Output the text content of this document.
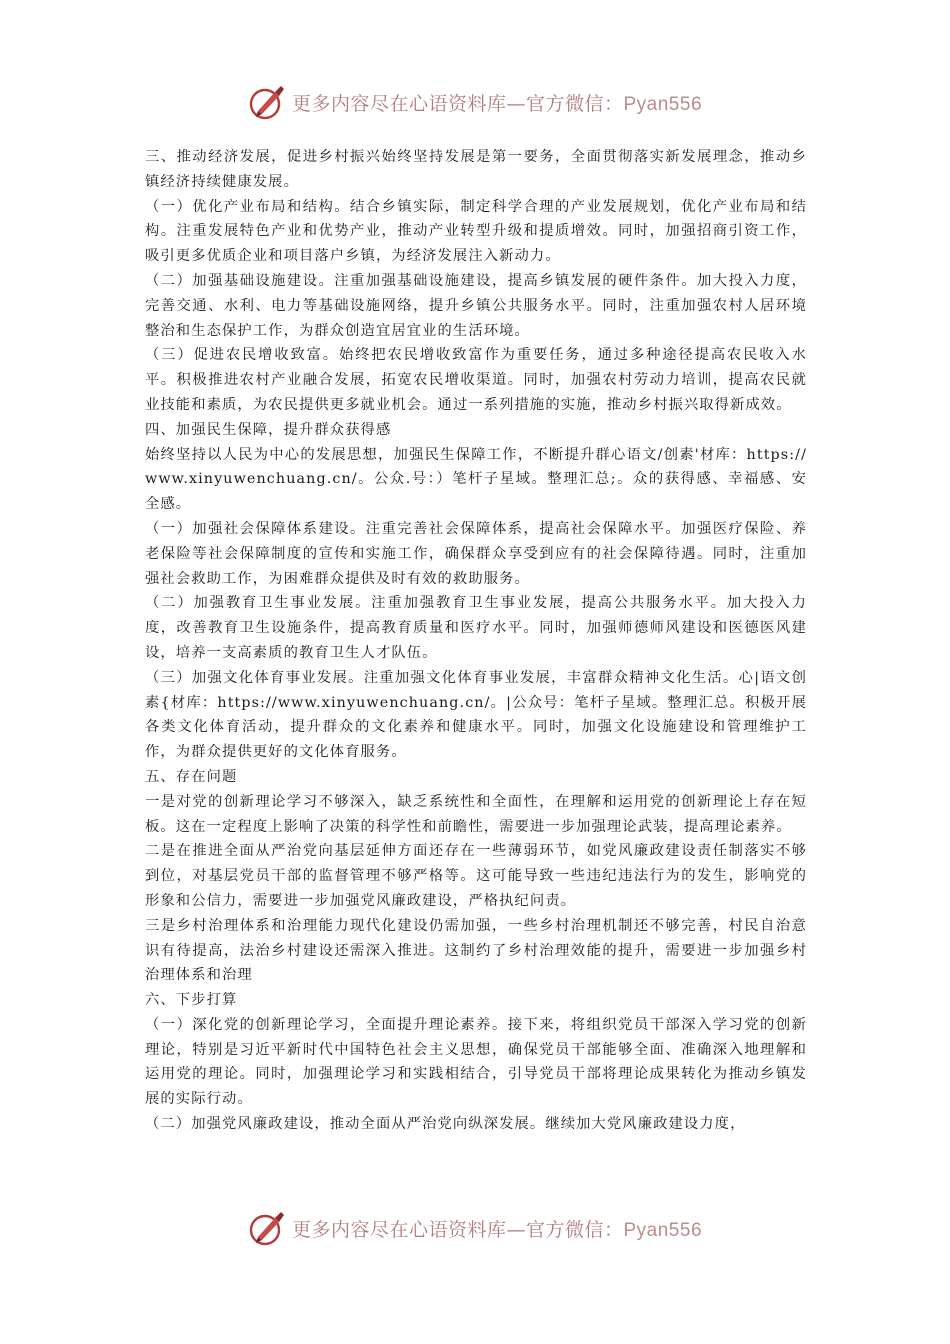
更多内容尽在心语资料库—官方微信：Pyan556

三、推动经济发展，促进乡村振兴始终坚持发展是第一要务，全面贯彻落实新发展理念，推动乡镇经济持续健康发展。

（一）优化产业布局和结构。结合乡镇实际，制定科学合理的产业发展规划，优化产业布局和结构。注重发展特色产业和优势产业，推动产业转型升级和提质增效。同时，加强招商引资工作，吸引更多优质企业和项目落户乡镇，为经济发展注入新动力。

（二）加强基础设施建设。注重加强基础设施建设，提高乡镇发展的硬件条件。加大投入力度，完善交通、水利、电力等基础设施网络，提升乡镇公共服务水平。同时，注重加强农村人居环境整治和生态保护工作，为群众创造宜居宜业的生活环境。

（三）促进农民增收致富。始终把农民增收致富作为重要任务，通过多种途径提高农民收入水平。积极推进农村产业融合发展，拓宽农民增收渠道。同时，加强农村劳动力培训，提高农民就业技能和素质，为农民提供更多就业机会。通过一系列措施的实施，推动乡村振兴取得新成效。

四、加强民生保障，提升群众获得感

始终坚持以人民为中心的发展思想，加强民生保障工作，不断提升群心语文/创素'材库：https://www.xinyuwenchuang.cn/。公众.号：）笔杆子星域。整理汇总;。众的获得感、幸福感、安全感。

（一）加强社会保障体系建设。注重完善社会保障体系，提高社会保障水平。加强医疗保险、养老保险等社会保障制度的宣传和实施工作，确保群众享受到应有的社会保障待遇。同时，注重加强社会救助工作，为困难群众提供及时有效的救助服务。

（二）加强教育卫生事业发展。注重加强教育卫生事业发展，提高公共服务水平。加大投入力度，改善教育卫生设施条件，提高教育质量和医疗水平。同时，加强师德师风建设和医德医风建设，培养一支高素质的教育卫生人才队伍。

（三）加强文化体育事业发展。注重加强文化体育事业发展，丰富群众精神文化生活。心|语文创素{材库：https://www.xinyuwenchuang.cn/。|公众号：笔杆子星域。整理汇总。积极开展各类文化体育活动，提升群众的文化素养和健康水平。同时，加强文化设施建设和管理维护工作，为群众提供更好的文化体育服务。

五、存在问题

一是对党的创新理论学习不够深入，缺乏系统性和全面性，在理解和运用党的创新理论上存在短板。这在一定程度上影响了决策的科学性和前瞻性，需要进一步加强理论武装，提高理论素养。

二是在推进全面从严治党向基层延伸方面还存在一些薄弱环节，如党风廉政建设责任制落实不够到位，对基层党员干部的监督管理不够严格等。这可能导致一些违纪违法行为的发生，影响党的形象和公信力，需要进一步加强党风廉政建设，严格执纪问责。

三是乡村治理体系和治理能力现代化建设仍需加强，一些乡村治理机制还不够完善，村民自治意识有待提高，法治乡村建设还需深入推进。这制约了乡村治理效能的提升，需要进一步加强乡村治理体系和治理

六、下步打算

（一）深化党的创新理论学习，全面提升理论素养。接下来，将组织党员干部深入学习党的创新理论，特别是习近平新时代中国特色社会主义思想，确保党员干部能够全面、准确深入地理解和运用党的理论。同时，加强理论学习和实践相结合，引导党员干部将理论成果转化为推动乡镇发展的实际行动。

（二）加强党风廉政建设，推动全面从严治党向纵深发展。继续加大党风廉政建设力度，

更多内容尽在心语资料库—官方微信：Pyan556
